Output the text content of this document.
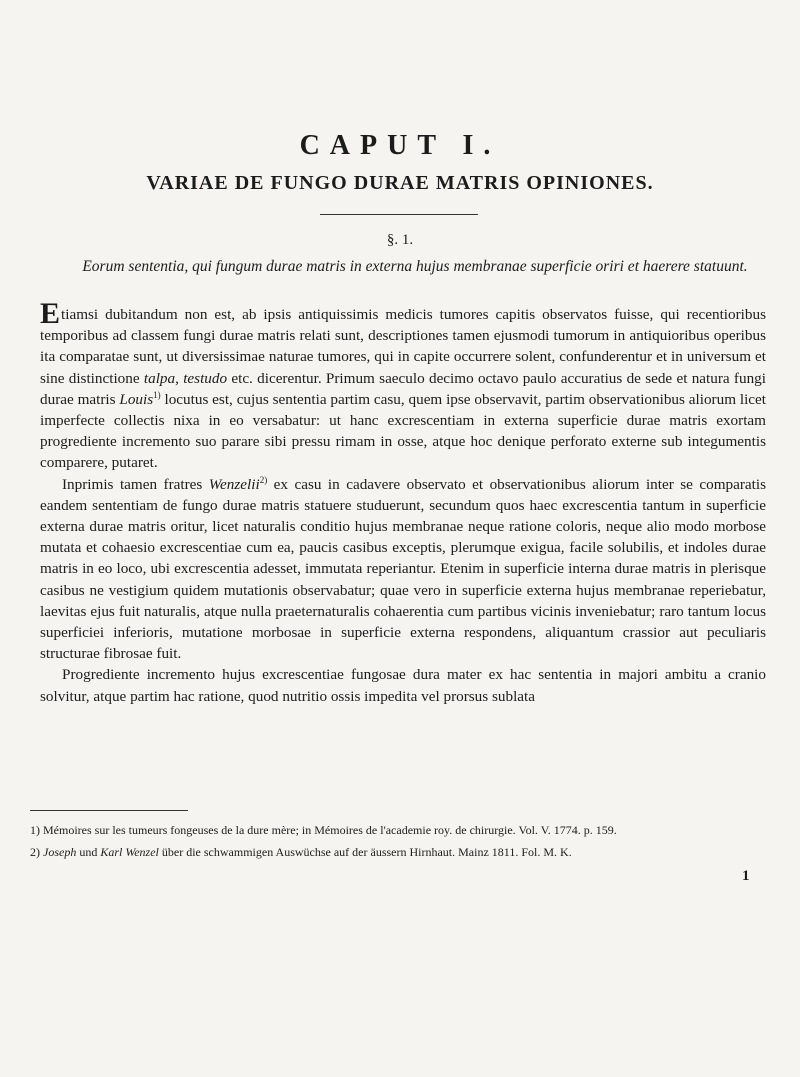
CAPUT I.
VARIAE DE FUNGO DURAE MATRIS OPINIONES.
§. 1.
Eorum sententia, qui fungum durae matris in externa hujus membranae superficie oriri et haerere statuunt.

Etiamsi dubitandum non est, ab ipsis antiquissimis medicis tumores capitis observatos fuisse, qui recentioribus temporibus ad classem fungi durae matris relati sunt, descriptiones tamen ejusmodi tumorum in antiquioribus operibus ita comparatae sunt, ut diversissimae naturae tumores, qui in capite occurrere solent, confunderentur et in universum et sine distinctione talpa, testudo etc. dicerentur. Primum saeculo decimo octavo paulo accuratius de sede et natura fungi durae matris Louis$^{1)}$ locutus est, cujus sententia partim casu, quem ipse observavit, partim observationibus aliorum licet imperfecte collectis nixa in eo versabatur: ut hanc excrescentiam in externa superficie durae matris exortam progrediente incremento suo parare sibi pressu rimam in osse, atque hoc denique perforato externe sub integumentis comparere, putaret.

Inprimis tamen fratres Wenzelii$^{2)}$ ex casu in cadavere observato et observationibus aliorum inter se comparatis eandem sententiam de fungo durae matris statuere studuerunt, secundum quos haec excrescentia tantum in superficie externa durae matris oritur, licet naturalis conditio hujus membranae neque ratione coloris, neque alio modo morbose mutata et cohaesio excrescentiae cum ea, paucis casibus exceptis, plerumque exigua, facile solubilis, et indoles durae matris in eo loco, ubi excrescentia adesset, immutata reperiantur. Etenim in superficie interna durae matris in plerisque casibus ne vestigium quidem mutationis observabatur; quae vero in superficie externa hujus membranae reperiebatur, laevitas ejus fuit naturalis, atque nulla praeternaturalis cohaerentia cum partibus vicinis inveniebatur; raro tantum locus superficiei inferioris, mutatione morbosae in superficie externa respondens, aliquantum crassior aut peculiaris structurae fibrosae fuit.

Progrediente incremento hujus excrescentiae fungosae dura mater ex hac sententia in majori ambitu a cranio solvitur, atque partim hac ratione, quod nutritio ossis impedita vel prorsus sublata

1) Mémoires sur les tumeurs fongeuses de la dure mère; in Mémoires de l'academie roy. de chirurgie. Vol. V. 1774. p. 159.
2) Joseph und Karl Wenzel über die schwammigen Auswüchse auf der äussern Hirnhaut. Mainz 1811. Fol. M. K.
1
